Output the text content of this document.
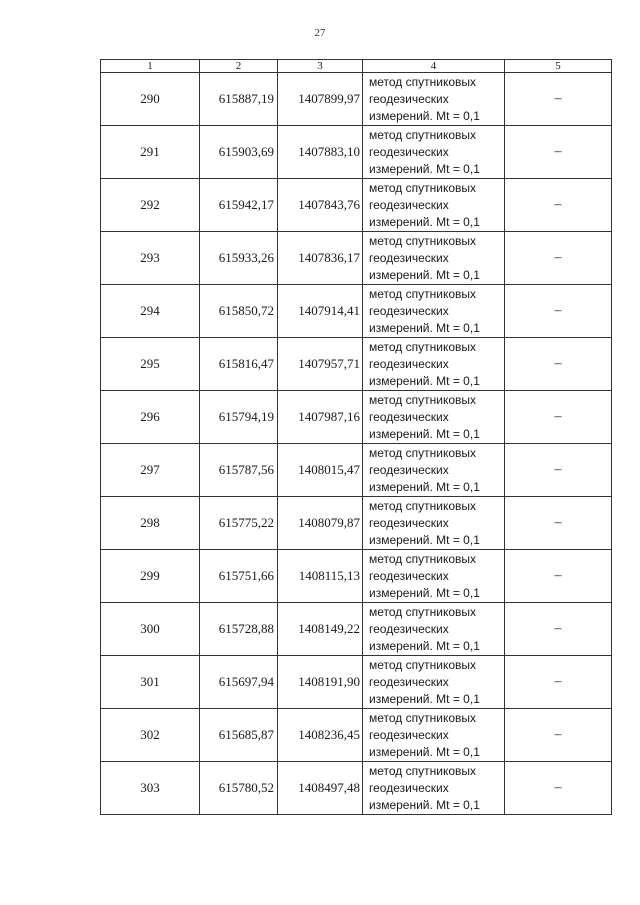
27
1	2	3	4	5
290	615887,19	1407899,97	метод спутниковых
геодезических
измерений. Mt = 0,1	–
291	615903,69	1407883,10	метод спутниковых
геодезических
измерений. Mt = 0,1	–
292	615942,17	1407843,76	метод спутниковых
геодезических
измерений. Mt = 0,1	–
293	615933,26	1407836,17	метод спутниковых
геодезических
измерений. Mt = 0,1	–
294	615850,72	1407914,41	метод спутниковых
геодезических
измерений. Mt = 0,1	–
295	615816,47	1407957,71	метод спутниковых
геодезических
измерений. Mt = 0,1	–
296	615794,19	1407987,16	метод спутниковых
геодезических
измерений. Mt = 0,1	–
297	615787,56	1408015,47	метод спутниковых
геодезических
измерений. Mt = 0,1	–
298	615775,22	1408079,87	метод спутниковых
геодезических
измерений. Mt = 0,1	–
299	615751,66	1408115,13	метод спутниковых
геодезических
измерений. Mt = 0,1	–
300	615728,88	1408149,22	метод спутниковых
геодезических
измерений. Mt = 0,1	–
301	615697,94	1408191,90	метод спутниковых
геодезических
измерений. Mt = 0,1	–
302	615685,87	1408236,45	метод спутниковых
геодезических
измерений. Mt = 0,1	–
303	615780,52	1408497,48	метод спутниковых
геодезических
измерений. Mt = 0,1	–
